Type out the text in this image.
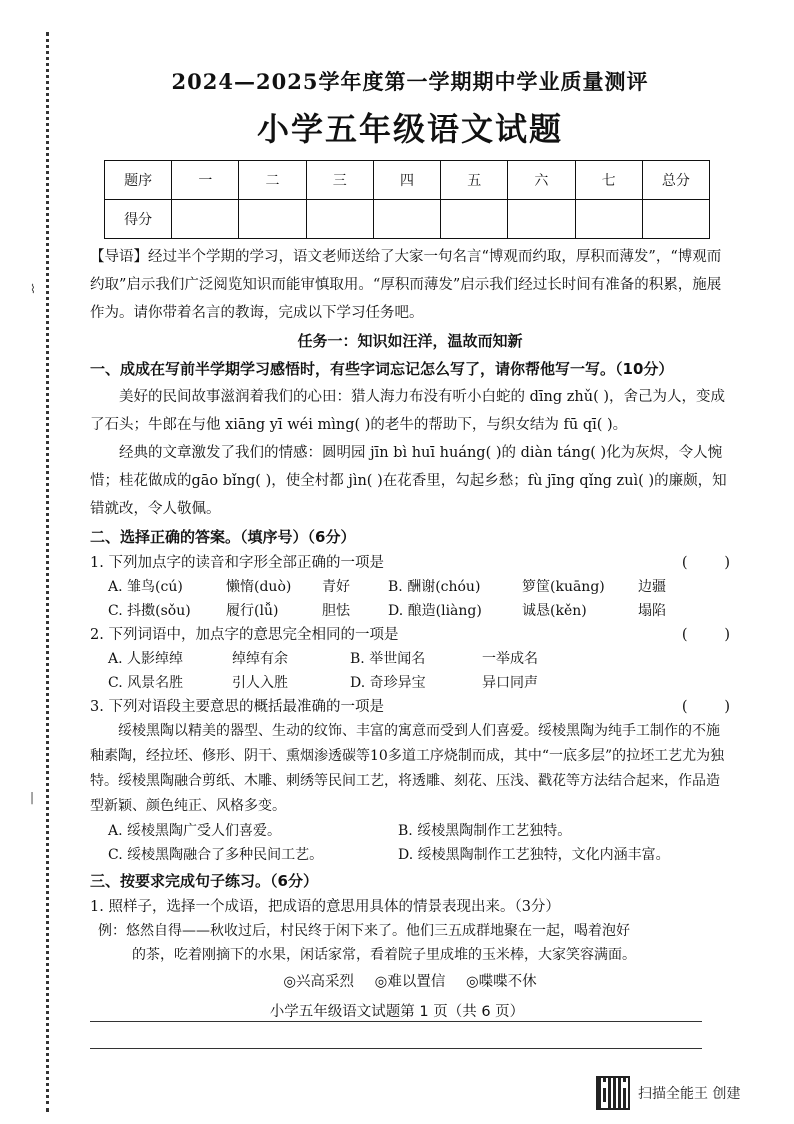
⌇
|
2024—2025学年度第一学期期中学业质量测评
小学五年级语文试题
题序	一	二	三	四	五	六	七	总分
得分								

【导语】经过半个学期的学习，语文老师送给了大家一句名言“博观而约取，厚积而薄发”，“博观而约取”启示我们广泛阅览知识而能审慎取用。“厚积而薄发”启示我们经过长时间有准备的积累，施展作为。请你带着名言的教诲，完成以下学习任务吧。

任务一：知识如汪洋，温故而知新
一、成成在写前半学期学习感悟时，有些字词忘记怎么写了，请你帮他写一写。（10分）

美好的民间故事滋润着我们的心田：猎人海力布没有听小白蛇的 dīng zhǔ( )，舍己为人，变成了石头；牛郎在与他 xiāng yī wéi mìng( )的老牛的帮助下，与织女结为 fū qī( )。

经典的文章激发了我们的情感：圆明园 jīn bì huī huáng( )的 diàn táng( )化为灰烬，令人惋惜；桂花做成的gāo bǐng( )，使全村都 jìn( )在花香里，勾起乡愁；fù jīng qǐng zuì( )的廉颇，知错就改，令人敬佩。

二、选择正确的答案。（填序号）（6分）
1. 下列加点字的读音和字形全部正确的一项是	(        )
A. 雏鸟(cú)	懒惰(duò)	青好	B. 酬谢(chóu)	箩筐(kuāng)	边疆
C. 抖擞(sǒu)	履行(lǚ)	胆怯	D. 酿造(liàng)	诚恳(kěn)	塌陷
2. 下列词语中，加点字的意思完全相同的一项是	(        )
A. 人影绰绰	绰绰有余	B. 举世闻名	一举成名
C. 风景名胜	引人入胜	D. 奇珍异宝	异口同声
3. 下列对语段主要意思的概括最准确的一项是	(        )

绥棱黑陶以精美的器型、生动的纹饰、丰富的寓意而受到人们喜爱。绥棱黑陶为纯手工制作的不施釉素陶，经拉坯、修形、阴干、熏烟渗透碳等10多道工序烧制而成，其中“一底多层”的拉坯工艺尤为独特。绥棱黑陶融合剪纸、木雕、刺绣等民间工艺，将透雕、刻花、压浅、戳花等方法结合起来，作品造型新颖、颜色纯正、风格多变。

A. 绥棱黑陶广受人们喜爱。	B. 绥棱黑陶制作工艺独特。
C. 绥棱黑陶融合了多种民间工艺。	D. 绥棱黑陶制作工艺独特，文化内涵丰富。
三、按要求完成句子练习。（6分）
1. 照样子，选择一个成语，把成语的意思用具体的情景表现出来。（3分）
例：悠然自得——秋收过后，村民终于闲下来了。他们三五成群地聚在一起，喝着泡好
的茶，吃着刚摘下的水果，闲话家常，看着院子里成堆的玉米棒，大家笑容满面。
◎兴高采烈 ◎难以置信 ◎喋喋不休
小学五年级语文试题第 1 页（共 6 页）
扫描全能王 创建
